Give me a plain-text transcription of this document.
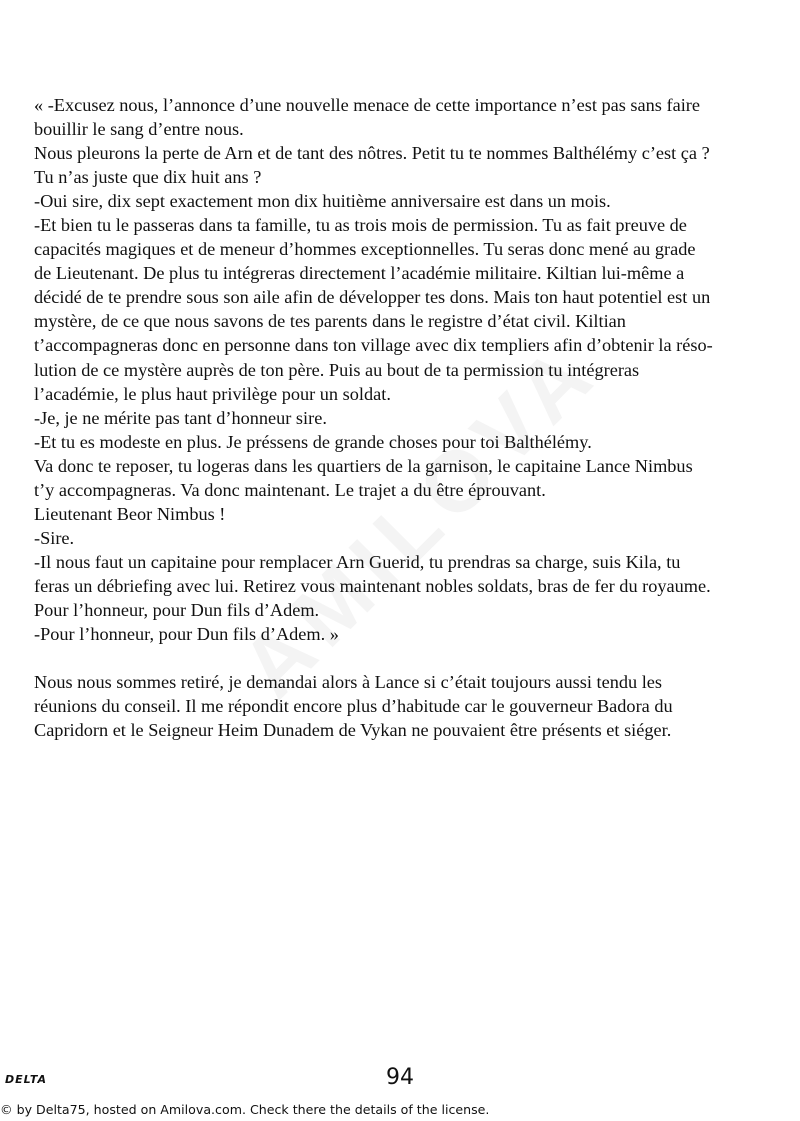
« -Excusez nous, l’annonce d’une nouvelle menace de cette importance n’est pas sans faire
bouillir le sang d’entre nous.
Nous pleurons la perte de Arn et de tant des nôtres. Petit tu te nommes Balthélémy c’est ça ?
Tu n’as juste que dix huit ans ?
-Oui sire, dix sept exactement mon dix huitième anniversaire est dans un mois.
-Et bien tu le passeras dans ta famille, tu as trois mois de permission. Tu as fait preuve de
capacités magiques et de meneur d’hommes exceptionnelles. Tu seras donc mené au grade
de Lieutenant. De plus tu intégreras directement l’académie militaire. Kiltian lui-même a
décidé de te prendre sous son aile afin de développer tes dons. Mais ton haut potentiel est un
mystère, de ce que nous savons de tes parents dans le registre d’état civil. Kiltian
t’accompagneras donc en personne dans ton village avec dix templiers afin d’obtenir la réso-
lution de ce mystère auprès de ton père. Puis au bout de ta permission tu intégreras
l’académie, le plus haut privilège pour un soldat.
-Je, je ne mérite pas tant d’honneur sire.
-Et tu es modeste en plus. Je préssens de grande choses pour toi Balthélémy.
Va donc te reposer, tu logeras dans les quartiers de la garnison, le capitaine Lance Nimbus
t’y accompagneras. Va donc maintenant. Le trajet a du être éprouvant.
Lieutenant Beor Nimbus !
-Sire.
-Il nous faut un capitaine pour remplacer Arn Guerid, tu prendras sa charge, suis Kila, tu
feras un débriefing avec lui. Retirez vous maintenant nobles soldats, bras de fer du royaume.
Pour l’honneur, pour Dun fils d’Adem.
-Pour l’honneur, pour Dun fils d’Adem. »
Nous nous sommes retiré, je demandai alors à Lance si c’était toujours aussi tendu les
réunions du conseil. Il me répondit encore plus d’habitude car le gouverneur Badora du
Capridorn et le Seigneur Heim Dunadem de Vykan ne pouvaient être présents et siéger.
DELTA	94
© by Delta75, hosted on Amilova.com. Check there the details of the license.
